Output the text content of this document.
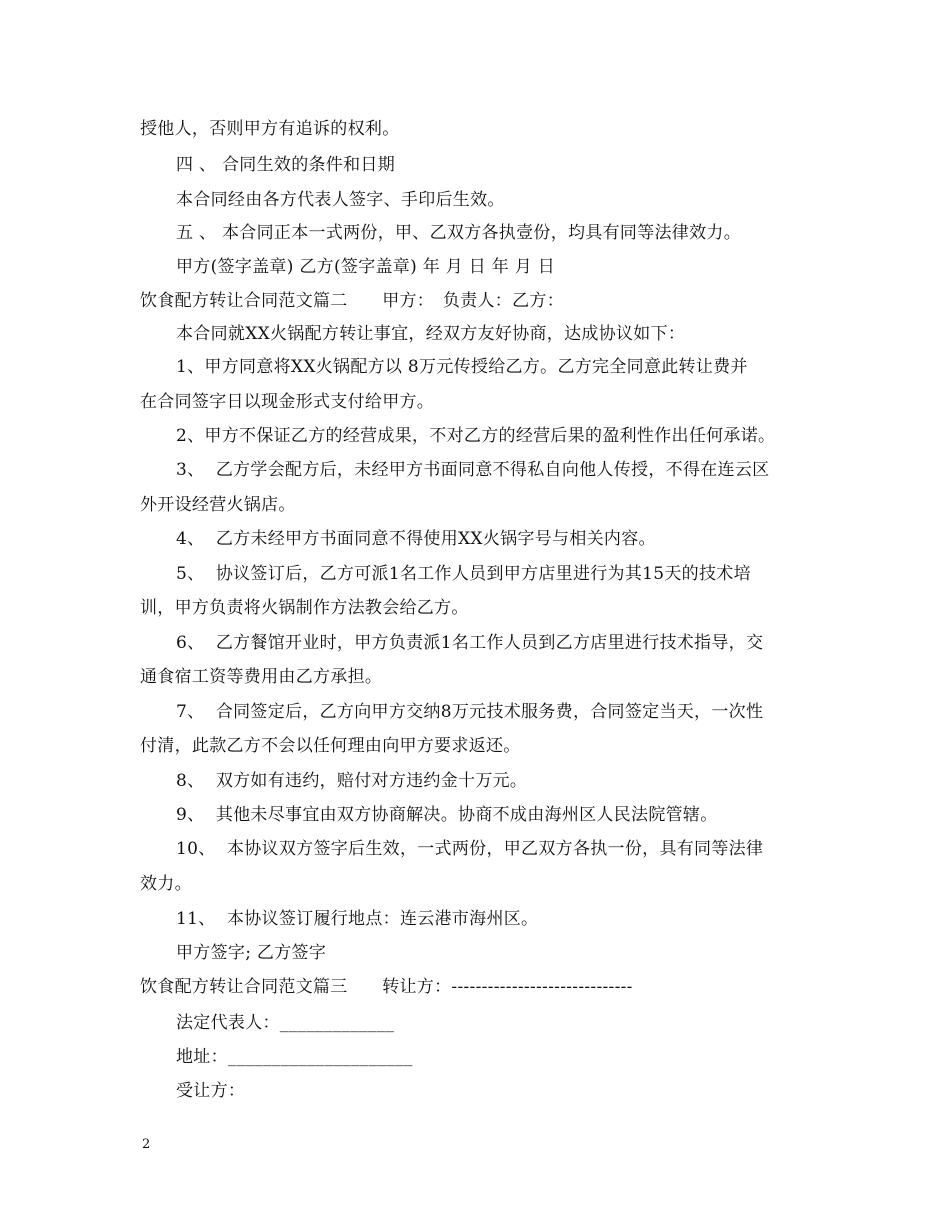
授他人，否则甲方有追诉的权利。
四 、 合同生效的条件和日期
本合同经由各方代表人签字、手印后生效。
五 、 本合同正本一式两份，甲、乙双方各执壹份，均具有同等法律效力。
甲方(签字盖章) 乙方(签字盖章) 年 月 日 年 月 日
饮食配方转让合同范文篇二　　甲方：　负责人：乙方：
本合同就XX火锅配方转让事宜，经双方友好协商，达成协议如下：
1、甲方同意将XX火锅配方以 8万元传授给乙方。乙方完全同意此转让费并
在合同签字日以现金形式支付给甲方。
2、甲方不保证乙方的经营成果，不对乙方的经营后果的盈利性作出任何承诺。
3、  乙方学会配方后，未经甲方书面同意不得私自向他人传授，不得在连云区
外开设经营火锅店。
4、  乙方未经甲方书面同意不得使用XX火锅字号与相关内容。
5、  协议签订后，乙方可派1名工作人员到甲方店里进行为其15天的技术培
训，甲方负责将火锅制作方法教会给乙方。
6、  乙方餐馆开业时，甲方负责派1名工作人员到乙方店里进行技术指导，交
通食宿工资等费用由乙方承担。
7、  合同签定后，乙方向甲方交纳8万元技术服务费，合同签定当天，一次性
付清，此款乙方不会以任何理由向甲方要求返还。
8、  双方如有违约，赔付对方违约金十万元。
9、  其他未尽事宜由双方协商解决。协商不成由海州区人民法院管辖。
10、  本协议双方签字后生效，一式两份，甲乙双方各执一份，具有同等法律
效力。
11、  本协议签订履行地点：连云港市海州区。
甲方签字; 乙方签字
饮食配方转让合同范文篇三　　转让方：------------------------------
法定代表人：_____________
地址：_____________________
受让方：
2
